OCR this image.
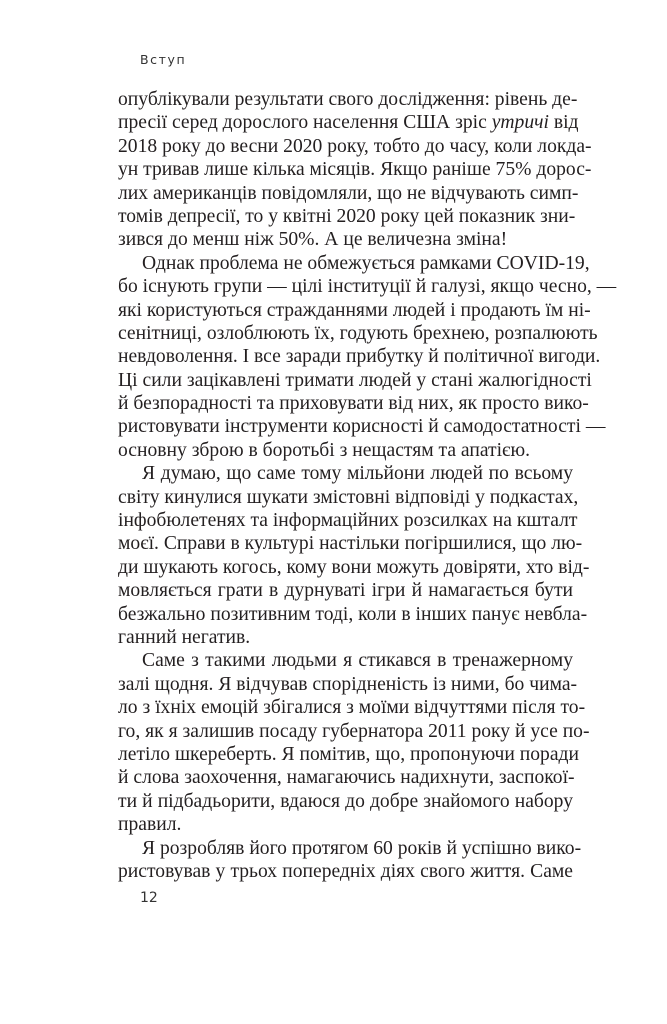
Вступ
опублікували результати свого дослідження: рівень де-
пресії серед дорослого населення США зріс утричі від
2018 року до весни 2020 року, тобто до часу, коли локда-
ун тривав лише кілька місяців. Якщо раніше 75% дорос-
лих американців повідомляли, що не відчувають симп-
томів депресії, то у квітні 2020 року цей показник зни-
зився до менш ніж 50%. А це величезна зміна!
Однак проблема не обмежується рамками COVID-19,
бо існують групи — цілі інституції й галузі, якщо чесно, —
які користуються стражданнями людей і продають їм ні-
сенітниці, озлоблюють їх, годують брехнею, розпалюють
невдоволення. І все заради прибутку й політичної вигоди.
Ці сили зацікавлені тримати людей у стані жалюгідності
й безпорадності та приховувати від них, як просто вико-
ристовувати інструменти корисності й самодостатності —
основну зброю в боротьбі з нещастям та апатією.
Я думаю, що саме тому мільйони людей по всьому
світу кинулися шукати змістовні відповіді у подкастах,
інфобюлетенях та інформаційних розсилках на кшталт
моєї. Справи в культурі настільки погіршилися, що лю-
ди шукають когось, кому вони можуть довіряти, хто від-
мовляється грати в дурнуваті ігри й намагається бути
безжально позитивним тоді, коли в інших панує невбла-
ганний негатив.
Саме з такими людьми я стикався в тренажерному
залі щодня. Я відчував спорідненість із ними, бо чима-
ло з їхніх емоцій збігалися з моїми відчуттями після то-
го, як я залишив посаду губернатора 2011 року й усе по-
летіло шкереберть. Я помітив, що, пропонуючи поради
й слова заохочення, намагаючись надихнути, заспокої-
ти й підбадьорити, вдаюся до добре знайомого набору
правил.
Я розробляв його протягом 60 років й успішно вико-
ристовував у трьох попередніх діях свого життя. Саме
12
